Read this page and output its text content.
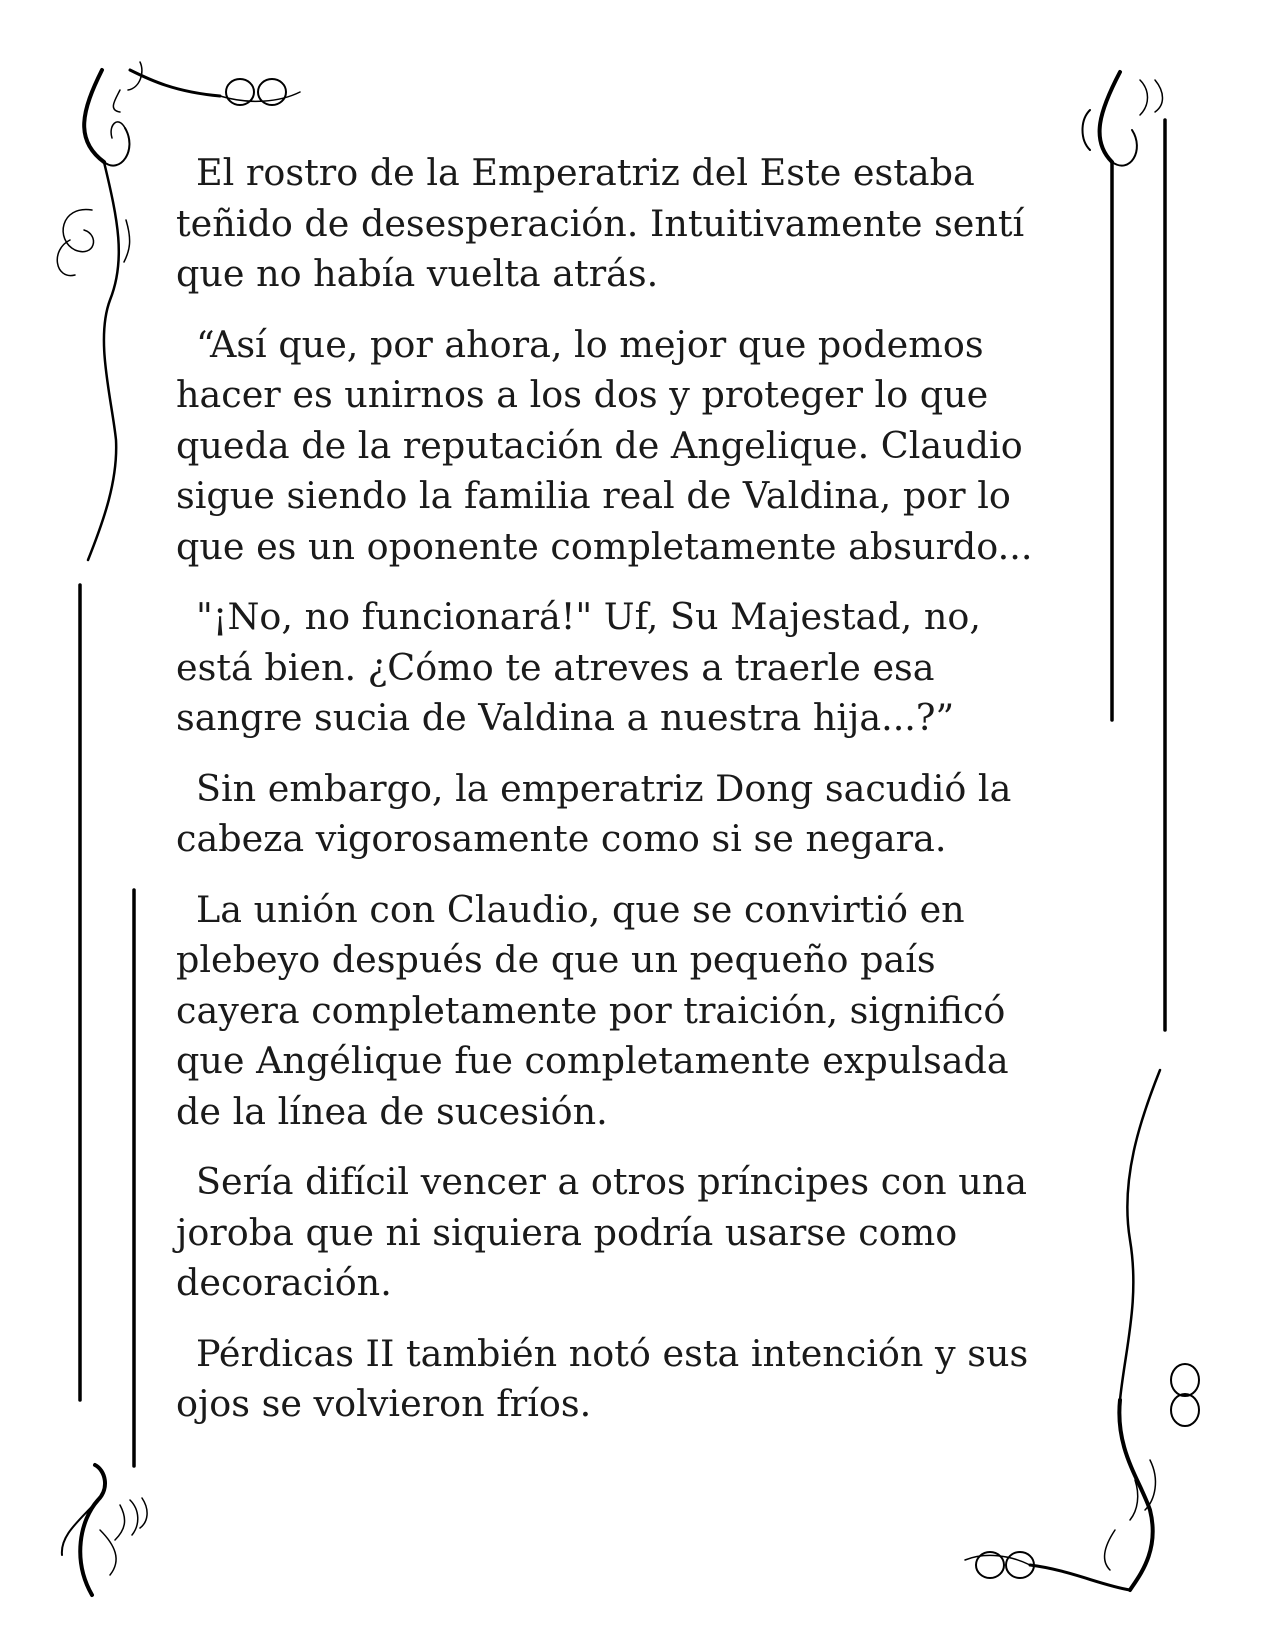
El rostro de la Emperatriz del Este estaba
teñido de desesperación. Intuitivamente sentí
que no había vuelta atrás.

“Así que, por ahora, lo mejor que podemos
hacer es unirnos a los dos y proteger lo que
queda de la reputación de Angelique. Claudio
sigue siendo la familia real de Valdina, por lo
que es un oponente completamente absurdo...

"¡No, no funcionará!" Uf, Su Majestad, no,
está bien. ¿Cómo te atreves a traerle esa
sangre sucia de Valdina a nuestra hija...?”

Sin embargo, la emperatriz Dong sacudió la
cabeza vigorosamente como si se negara.

La unión con Claudio, que se convirtió en
plebeyo después de que un pequeño país
cayera completamente por traición, significó
que Angélique fue completamente expulsada
de la línea de sucesión.

Sería difícil vencer a otros príncipes con una
joroba que ni siquiera podría usarse como
decoración.

Pérdicas II también notó esta intención y sus
ojos se volvieron fríos.
